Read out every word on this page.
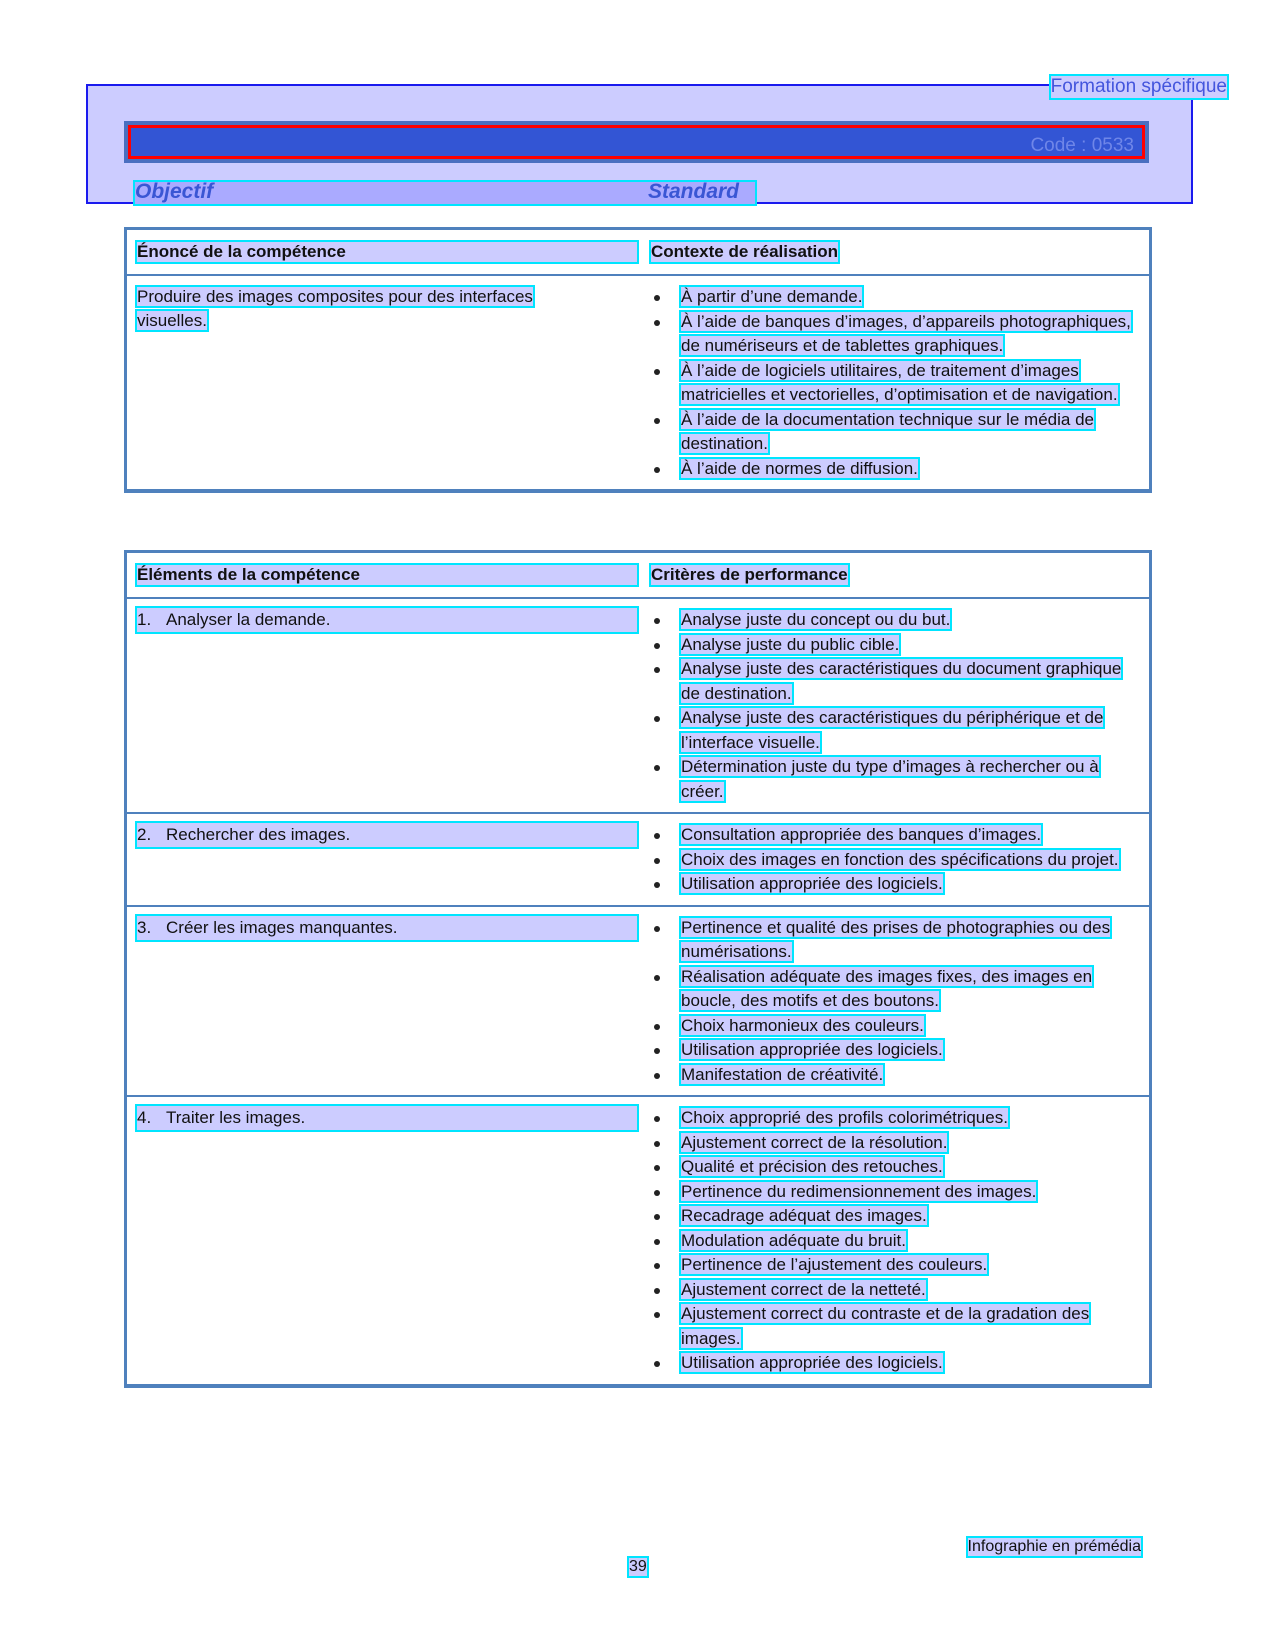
Formation spécifique
Code : 0533
Objectif	Standard
Énoncé de la compétence	Contexte de réalisation
Produire des images composites pour des interfaces visuelles.
À partir d’une demande.
À l’aide de banques d’images, d’appareils photographiques, de numériseurs et de tablettes graphiques.
À l’aide de logiciels utilitaires, de traitement d’images matricielles et vectorielles, d’optimisation et de navigation.
À l’aide de la documentation technique sur le média de destination.
À l’aide de normes de diffusion.
Éléments de la compétence	Critères de performance
1. Analyser la demande.	Analyse juste du concept ou du but.
Analyse juste du public cible.
Analyse juste des caractéristiques du document graphique de destination.
Analyse juste des caractéristiques du périphérique et de l’interface visuelle.
Détermination juste du type d’images à rechercher ou à créer.
2. Rechercher des images.	Consultation appropriée des banques d’images.
Choix des images en fonction des spécifications du projet.
Utilisation appropriée des logiciels.
3. Créer les images manquantes.	Pertinence et qualité des prises de photographies ou des numérisations.
Réalisation adéquate des images fixes, des images en boucle, des motifs et des boutons.
Choix harmonieux des couleurs.
Utilisation appropriée des logiciels.
Manifestation de créativité.
4. Traiter les images.	Choix approprié des profils colorimétriques.
Ajustement correct de la résolution.
Qualité et précision des retouches.
Pertinence du redimensionnement des images.
Recadrage adéquat des images.
Modulation adéquate du bruit.
Pertinence de l’ajustement des couleurs.
Ajustement correct de la netteté.
Ajustement correct du contraste et de la gradation des images.
Utilisation appropriée des logiciels.
Infographie en prémédia
39
